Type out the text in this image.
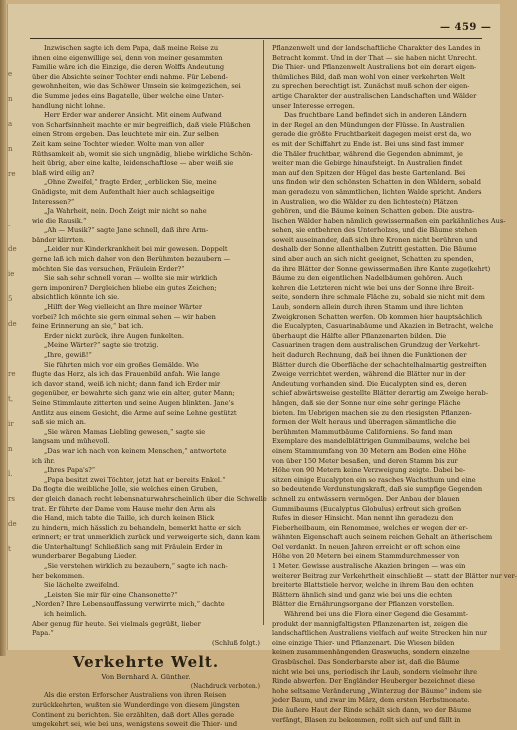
e
n
a
n
re
.
de
ie
5
de
re
t,
ir
n
l.
rs
de
t
— 459 —
Inzwischen sagte ich dem Papa, daß meine Reise zu
ihnen eine eigenwillige sei, denn von meiner gesammten
Familie wäre ich die Einzige, die deren Wolffs Andeutung
über die Absichte seiner Tochter endi nahme. Für Lebend-
gewohnheiten, wie das Schöwer Umsein sie keimgezichen, sei
die Summe jedes eins Bagatelle, über welche eine Unter-
handlung nicht lohne.
Herr Erder war anderer Ansicht. Mit einem Aufwand
von Scharfsinnheit machte er mir begreiflich, daß viele Flüßchen
einen Strom ergeben. Das leuchtete mir ein. Zur selben
Zeit kam seine Tochter wieder. Wolte man von aller
Rüthsamkeit ab, womit sie sich ungnädig, bliebe wirkliche Schön-
heit übrig, aber eine kalte, leidenschaftlose — aber weiß sie
blaß wird eilig an?
„Ohne Zweifel,“ fragte Erder, „erblicken Sie, meine
Gnädigste, mit dem Aufenthalt hier auch schlagseitige
Interessen?“
„Ja Wahrheit, nein. Doch Zeigt mir nicht so nahe
wie die Rausik.“
„Ah — Musik?“ sagte Jane schnell, daß ihre Arm-
bänder klirrten.
„Leider nur Kinderkrankheit bei mir gewesen. Doppelt
gerne laß ich mich daher von den Berühmten bezaubern —
möchten Sie das versuchen, Fräulein Erder?“
Sie sah sehr schnell voran — wollte sie mir wirklich
gern imponiren? Dergleichen bliebe ein gutes Zeichen;
absichtlich könnte ich sie.
„Hilft der Weg vielleicht an Ihre meiner Wärter
vorbei? Ich möchte sie gern einmal sehen — wir haben
feine Erinnerung an sie,“ bat ich.
Erder nickt zurück, ihre Augen funkelten.
„Meine Wärter?“ sagte sie trotzig.
„Ihre, gewiß!“
Sie führten mich vor ein großes Gemälde. Wie
flugte das Herz, als ich das Frauenbild anfah. Wie lange
ich davor stand, weiß ich nicht; dann fand ich Erder mir
gegenüber, er bewahrte sich ganz wie ein alter, guter Mann;
Seine Stimmlaute zitterten und seine Augen blinkten. Jane's
Antlitz aus einem Gesicht, die Arme auf seine Lehne gestützt
saß sie mich an.
„Sie wären Mamas Liebling gewesen,“ sagte sie
langsam und mühevoll.
„Das war ich nach von keinem Menschen,“ antwortete
ich ihr.
„Ihres Papa's?“
„Papa besitzt zwei Töchter, jetzt hat er bereits Enkel.“
Da flogte die weibliche Jolle, sie welches einen Gruben,
der gleich danach recht lebensnaturwahrscheinlich über die Schwelle
trat. Er führte der Dame vom Hause mehr den Arm als
die Hand, mich tabte die Taille, ich durch keinen Blick
zu hindern, mich hässlich zu behandeln, bemerkt hatte er sich
erinnert; er trat unmerklich zurück und verweigerte sich, dann kam
die Unterhaltung! Schließlich sang mit Fräulein Erder in
wunderbarer Begabung Lieder.
„Sie verstehen wirklich zu bezaubern,“ sagte ich nach-
her bekommen.
Sie lächelte zweifelnd.
„Leisten Sie mir für eine Chansonette?“
„Norden? Ihre Lebensauffassung verwirrte mich,“ dachte
ich heimlich.
Aber genug für heute. Sei vielmals gegrüßt, lieber
Papa.“
(Schluß folgt.)
Verkehrte Welt.
Von Bernhard A. Günther.
(Nachdruck verboten.)
Als die ersten Erforscher Australiens von ihren Reisen
zurückkehrten, wußten sie Wunderdinge von diesem jüngsten
Continent zu berichten. Sie erzählten, daß dort Alles gerade
umgekehrt sei, wie bei uns, wenigstens soweit die Thier- und
Pflanzenwelt und der landschaftliche Charakter des Landes in
Betracht kommt. Und in der That — sie haben nicht Unrecht.
Die Thier- und Pflanzenwelt Australiens bot ein derart eigen-
thümliches Bild, daß man wohl von einer verkehrten Welt
zu sprechen berechtigt ist. Zunächst muß schon der eigen-
artige Charakter der australischen Landschaften und Wälder
unser Interesse erregen.
Das fruchtbare Land befindet sich in anderen Ländern
in der Regel an den Mündungen der Flüsse. In Australien
gerade die größte Fruchtbarkeit dagegen meist erst da, wo
es mit der Schiffahrt zu Ende ist. Bei uns sind fast immer
die Thäler fruchtbar, während die Gegenden abnimmt, je
weiter man die Gebirge hinaufsteigt. In Australien findet
man auf den Spitzen der Hügel das beste Gartenland. Bei
uns finden wir den schönsten Schatten in den Wäldern, sobald
man geradezu von sämmtlichen, lichten Walde spricht. Anders
in Australien, wo die Wälder zu den lichteste(n) Plätzen
gehören, und die Bäume keinen Schatten geben. Die austra-
lischen Wälder haben nämlich gewissermaßen ein parkähnliches Aus-
sehen, sie entbehren des Unterholzes, und die Bäume stehen
soweit auseinander, daß sich ihre Kronen nicht berühren und
deshalb der Sonne allenthalben Zutritt gestatten. Die Bäume
sind aber auch an sich nicht geeignet, Schatten zu spenden,
da ihre Blätter der Sonne gewissermaßen ihre Kante zuge(kehrt)
Bäume zu den eigentlichen Nadelbäumen gehören. Auch
kehren die Letzteren nicht wie bei uns der Sonne ihre Breit-
seite, sondern ihre schmale Fläche zu, sobald sie nicht mit dem
Laub, sondern allein durch ihren Stamm und ihre lichten
Zweigkronen Schatten werfen. Ob kommen hier hauptsächlich
die Eucalypten, Casuarinabäume und Akazien in Betracht, welche
überhaupt die Hälfte aller Pflanzenarten bilden. Die
Casuarinen tragen dem australischen Grundzug der Verkehrt-
heit dadurch Rechnung, daß bei ihnen die Funktionen der
Blätter durch die Oberfläche der schachtelhalmartig gestreiften
Zweige verrichtet werden, während die Blätter nur in der
Andeutung vorhanden sind. Die Eucalypten sind es, deren
schief abwärtsweise gestellte Blätter derartig am Zweige herab-
hängen, daß sie der Sonne nur eine sehr geringe Fläche
bieten. Im Uebrigen machen sie zu den riesigsten Pflanzen-
formen der Welt heraus und überragen sämmtliche die
berühmten Mammutbäume Californiens. So fand man
Exemplare des mandelblättrigen Gummibaums, welche bei
einem Stammumfang von 30 Metern am Boden eine Höhe
von über 150 Meter besaßen, und deren Stamm bis zur
Höhe von 90 Metern keine Verzweigung zeigte. Dabei be-
sitzen einige Eucalypten ein so rasches Wachsthum und eine
so bedeutende Verdunstungskraft, daß sie sumpfige Gegenden
schnell zu entwässern vermögen. Der Anbau der blauen
Gummibaums (Eucalyptus Globulus) erfreut sich großen
Rufes in dieser Hinsicht. Man nennt ihn geradezu den
Fieberheilbaum, ein Renommee, welches er wegen der er-
wähnten Eigenschaft auch seinem reichen Gehalt an ätherischem
Oel verdankt. In neuen Jahren erreicht er oft schon eine
Höhe von 20 Metern bei einem Stammdurchmesser von
1 Meter. Gewisse australische Akazien bringen — was ein
weiterer Beitrag zur Verkehrtheit einschließt — statt der Blätter nur ver-
breiterte Blattstiele hervor, welche in ihrem Bau den echten
Blättern ähnlich sind und ganz wie bei uns die echten
Blätter die Ernährungsorgane der Pflanzen vorstellen.
Während bei uns die Flora einer Gegend die Gesammt-
produkt der mannigfaltigsten Pflanzenarten ist, zeigen die
landschaftlichen Australiens vielfach auf weite Strecken hin nur
eine einzige Thier- und Pflanzenart. Die Wiesen bilden
keinen zusammenhängenden Graswuchs, sondern einzelne
Grasbüschel. Das Sonderbarste aber ist, daß die Bäume
nicht wie bei uns, periodisch ihr Laub, sondern vielmehr ihre
Rinde abwerfen. Der Engländer Heuberger bezeichnet diese
hohe seltsame Veränderung „Winterzug der Bäume“ indem sie
jeder Baum, und zwar im März, dem ersten Herbstmonate.
Die äußere Haut der Rinde schält sich dann, wo der Bäume
verfängt, Blasen zu bekommen, rollt sich auf und fällt in
